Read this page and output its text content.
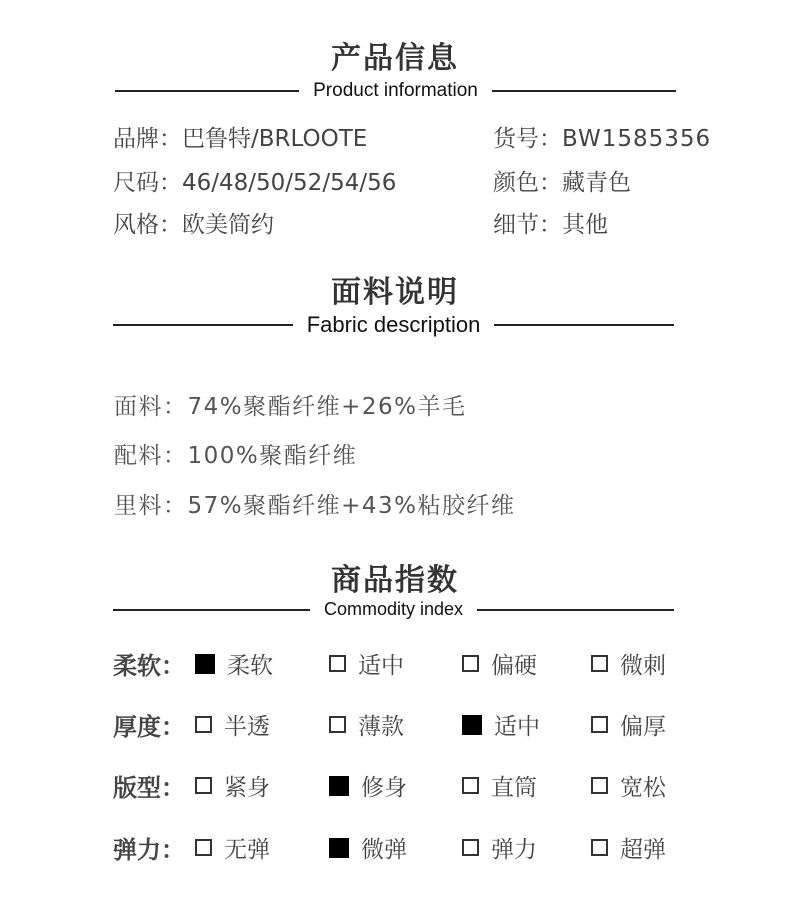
产品信息
Product information
品牌：巴鲁特/BRLOOTE	货号：BW1585356
尺码：46/48/50/52/54/56	颜色：藏青色
风格：欧美简约	细节：其他
面料说明
Fabric description
面料：74%聚酯纤维+26%羊毛
配料：100%聚酯纤维
里料：57%聚酯纤维+43%粘胶纤维
商品指数
Commodity index
柔软： 柔软	适中	偏硬	微刺
厚度： 半透	薄款	适中	偏厚
版型： 紧身	修身	直筒	宽松
弹力： 无弹	微弹	弹力	超弹
